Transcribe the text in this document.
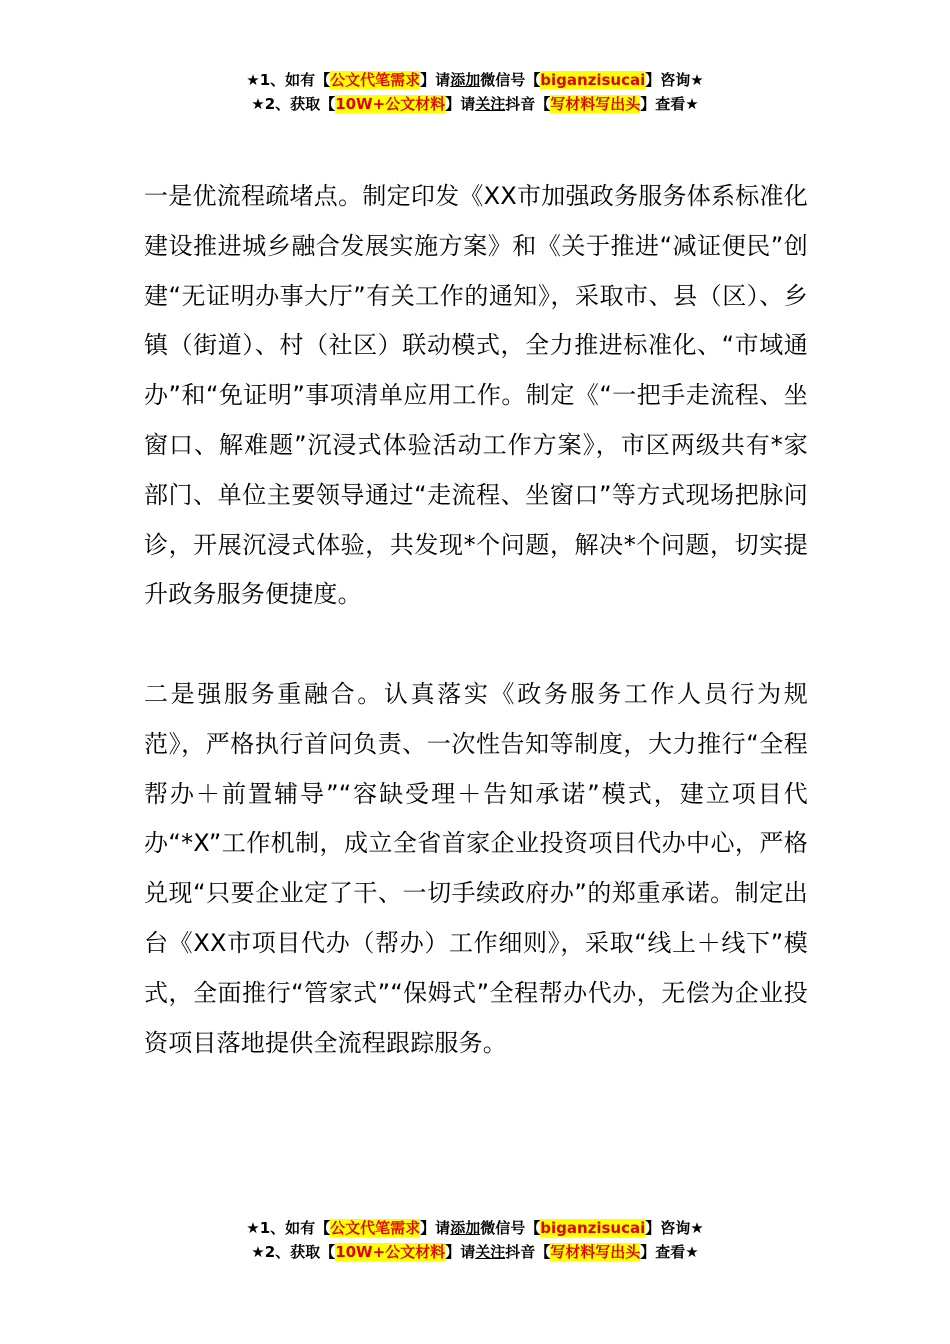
★1、如有【公文代笔需求】请添加微信号【biganzisucai】咨询★
★2、获取【10W+公文材料】请关注抖音【写材料写出头】查看★

一是优流程疏堵点。制定印发《XX市加强政务服务体系标准化建设推进城乡融合发展实施方案》和《关于推进“减证便民”创建“无证明办事大厅”有关工作的通知》，采取市、县（区）、乡镇（街道）、村（社区）联动模式，全力推进标准化、“市域通办”和“免证明”事项清单应用工作。制定《“一把手走流程、坐窗口、解难题”沉浸式体验活动工作方案》，市区两级共有*家部门、单位主要领导通过“走流程、坐窗口”等方式现场把脉问诊，开展沉浸式体验，共发现*个问题，解决*个问题，切实提升政务服务便捷度。

二是强服务重融合。认真落实《政务服务工作人员行为规范》，严格执行首问负责、一次性告知等制度，大力推行“全程帮办＋前置辅导”“容缺受理＋告知承诺”模式，建立项目代办“*X”工作机制，成立全省首家企业投资项目代办中心，严格兑现“只要企业定了干、一切手续政府办”的郑重承诺。制定出台《XX市项目代办（帮办）工作细则》，采取“线上＋线下”模式，全面推行“管家式”“保姆式”全程帮办代办，无偿为企业投资项目落地提供全流程跟踪服务。

★1、如有【公文代笔需求】请添加微信号【biganzisucai】咨询★
★2、获取【10W+公文材料】请关注抖音【写材料写出头】查看★
